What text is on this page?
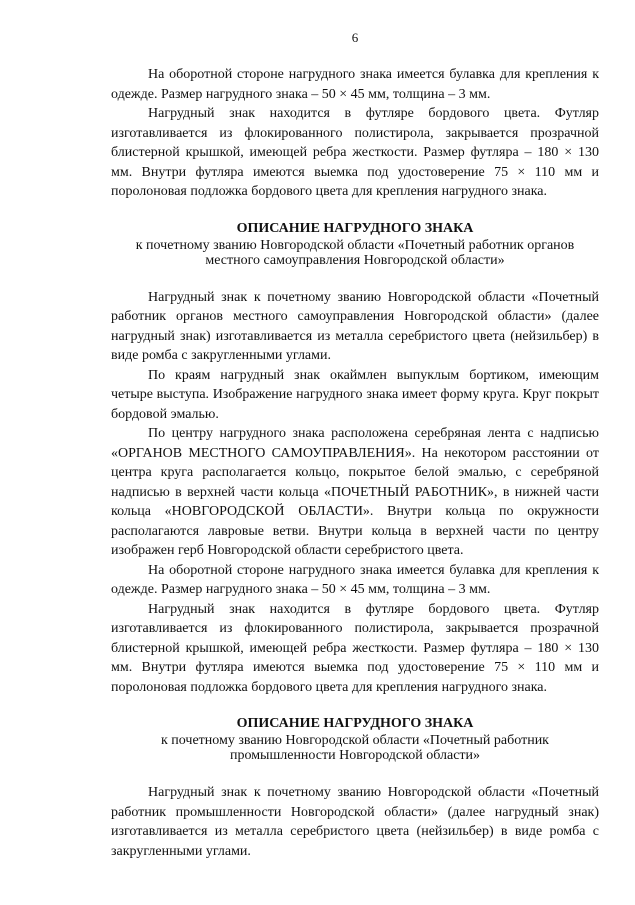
6

На оборотной стороне нагрудного знака имеется булавка для крепления к одежде. Размер нагрудного знака – 50 × 45 мм, толщина – 3 мм.

Нагрудный знак находится в футляре бордового цвета. Футляр изготавливается из флокированного полистирола, закрывается прозрачной блистерной крышкой, имеющей ребра жесткости. Размер футляра – 180 × 130 мм. Внутри футляра имеются выемка под удостоверение 75 × 110 мм и поролоновая подложка бордового цвета для крепления нагрудного знака.

ОПИСАНИЕ НАГРУДНОГО ЗНАКА
к почетному званию Новгородской области «Почетный работник органов
местного самоуправления Новгородской области»

Нагрудный знак к почетному званию Новгородской области «Почетный работник органов местного самоуправления Новгородской области» (далее нагрудный знак) изготавливается из металла серебристого цвета (нейзильбер) в виде ромба с закругленными углами.

По краям нагрудный знак окаймлен выпуклым бортиком, имеющим четыре выступа. Изображение нагрудного знака имеет форму круга. Круг покрыт бордовой эмалью.

По центру нагрудного знака расположена серебряная лента с надписью «ОРГАНОВ МЕСТНОГО САМОУПРАВЛЕНИЯ». На некотором расстоянии от центра круга располагается кольцо, покрытое белой эмалью, с серебряной надписью в верхней части кольца «ПОЧЕТНЫЙ РАБОТНИК», в нижней части кольца «НОВГОРОДСКОЙ ОБЛАСТИ». Внутри кольца по окружности располагаются лавровые ветви. Внутри кольца в верхней части по центру изображен герб Новгородской области серебристого цвета.

На оборотной стороне нагрудного знака имеется булавка для крепления к одежде. Размер нагрудного знака – 50 × 45 мм, толщина – 3 мм.

Нагрудный знак находится в футляре бордового цвета. Футляр изготавливается из флокированного полистирола, закрывается прозрачной блистерной крышкой, имеющей ребра жесткости. Размер футляра – 180 × 130 мм. Внутри футляра имеются выемка под удостоверение 75 × 110 мм и поролоновая подложка бордового цвета для крепления нагрудного знака.

ОПИСАНИЕ НАГРУДНОГО ЗНАКА
к почетному званию Новгородской области «Почетный работник
промышленности Новгородской области»

Нагрудный знак к почетному званию Новгородской области «Почетный работник промышленности Новгородской области» (далее нагрудный знак) изготавливается из металла серебристого цвета (нейзильбер) в виде ромба с закругленными углами.
